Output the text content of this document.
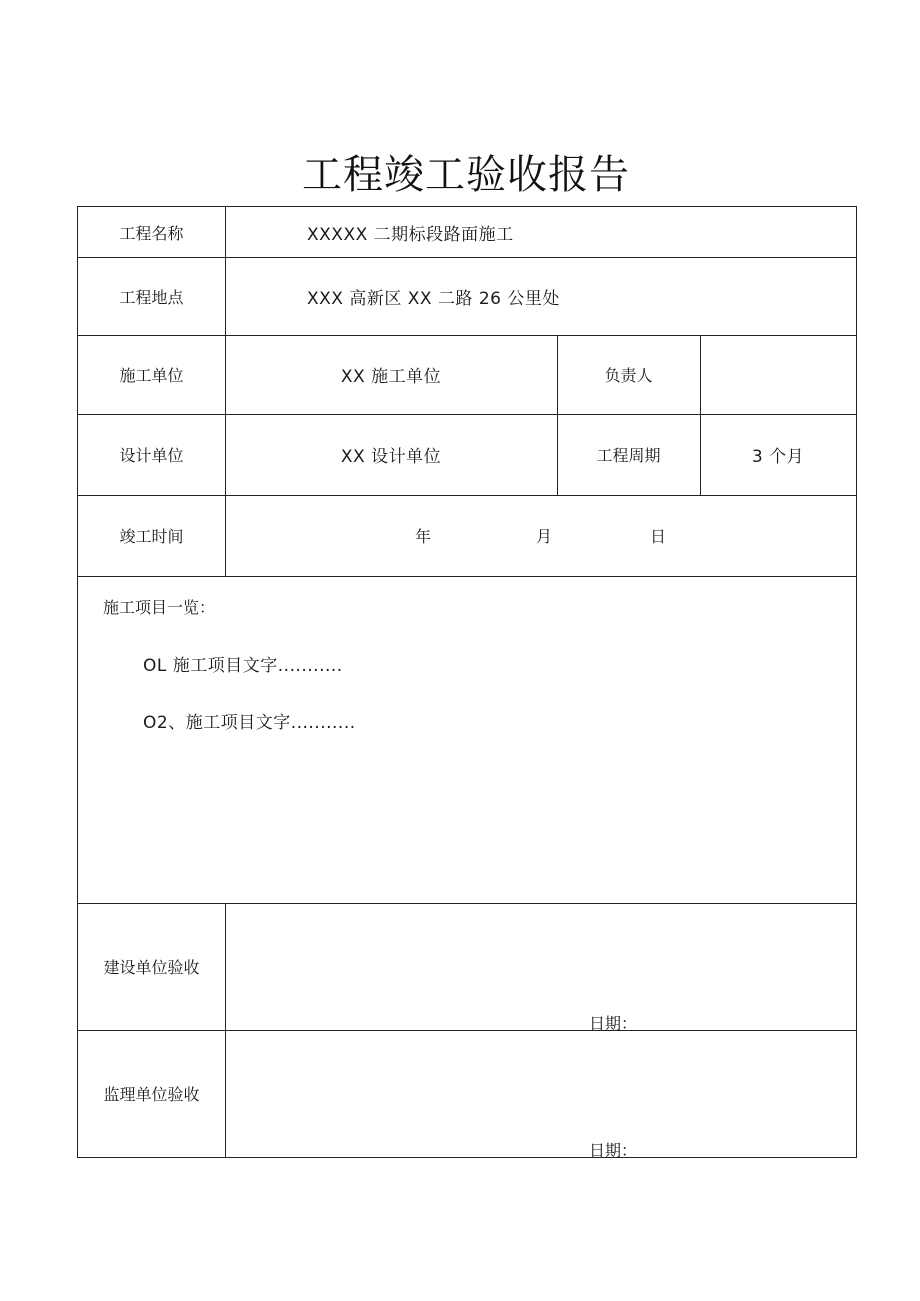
工程竣工验收报告
工程名称	XXXXX 二期标段路面施工
工程地点	XXX 高新区 XX 二路 26 公里处
施工单位	XX 施工单位	负责人
设计单位	XX 设计单位	工程周期	3 个月
竣工时间	年	月	日
施工项目一览：
OL 施工项目文字...........
O2、施工项目文字...........
建设单位验收
日期：
监理单位验收
日期：
